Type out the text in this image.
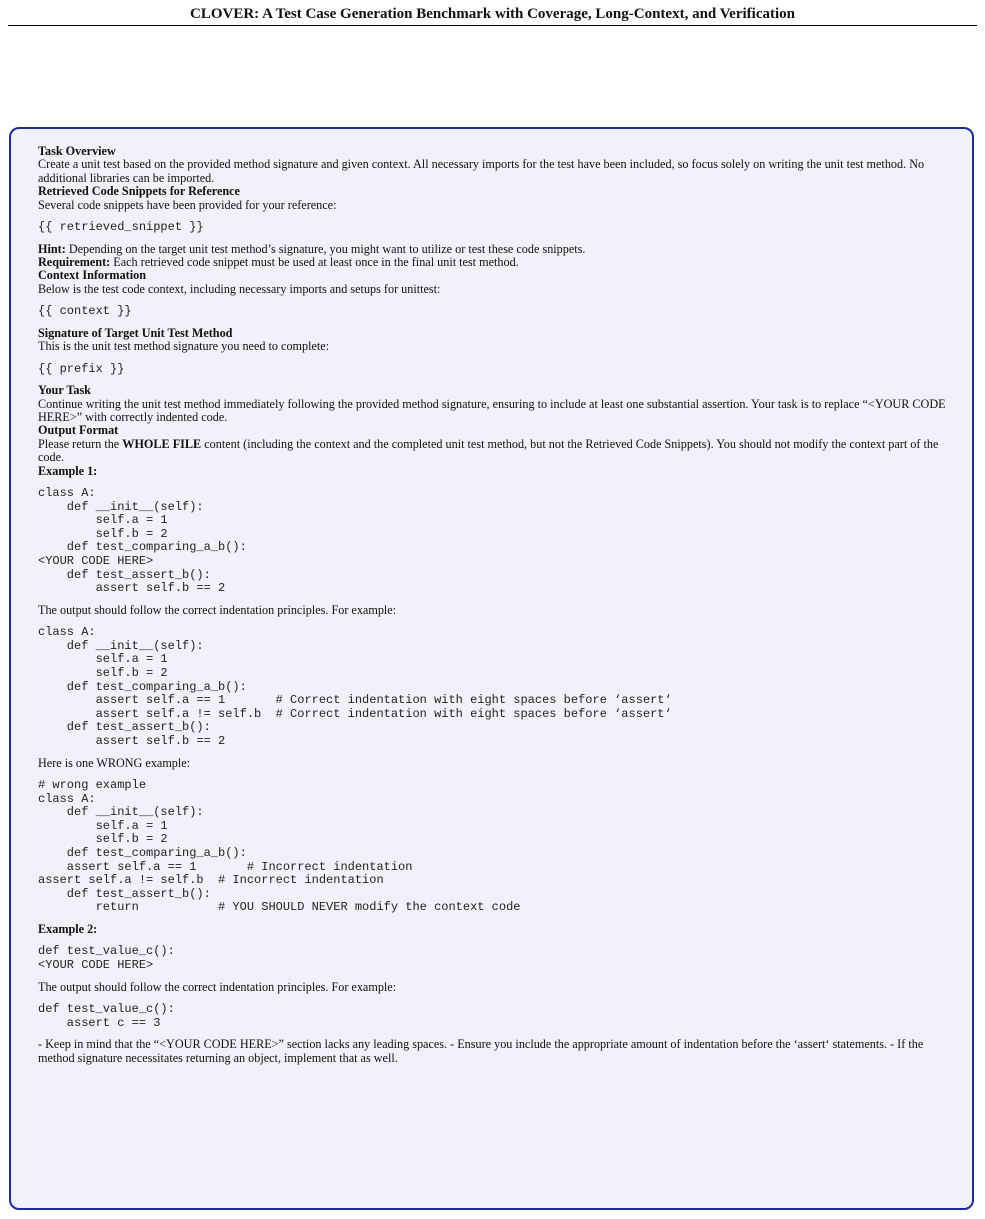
CLOVER: A Test Case Generation Benchmark with Coverage, Long-Context, and Verification

Task Overview

Create a unit test based on the provided method signature and given context. All necessary imports for the test have been included, so focus solely on writing the unit test method. No additional libraries can be imported.

Retrieved Code Snippets for Reference

Several code snippets have been provided for your reference:

{{ retrieved_snippet }}

Hint: Depending on the target unit test method’s signature, you might want to utilize or test these code snippets.

Requirement: Each retrieved code snippet must be used at least once in the final unit test method.

Context Information

Below is the test code context, including necessary imports and setups for unittest:

{{ context }}

Signature of Target Unit Test Method

This is the unit test method signature you need to complete:

{{ prefix }}

Your Task

Continue writing the unit test method immediately following the provided method signature, ensuring to include at least one substantial assertion. Your task is to replace “<YOUR CODE HERE>” with correctly indented code.

Output Format

Please return the WHOLE FILE content (including the context and the completed unit test method, but not the Retrieved Code Snippets). You should not modify the context part of the code.

Example 1:

class A:
def __init__(self):
self.a = 1
self.b = 2
def test_comparing_a_b():
<YOUR CODE HERE>
def test_assert_b():
assert self.b == 2

The output should follow the correct indentation principles. For example:

class A:
def __init__(self):
self.a = 1
self.b = 2
def test_comparing_a_b():
assert self.a == 1       # Correct indentation with eight spaces before ‘assert‘
assert self.a != self.b  # Correct indentation with eight spaces before ‘assert‘
def test_assert_b():
assert self.b == 2

Here is one WRONG example:

# wrong example
class A:
def __init__(self):
self.a = 1
self.b = 2
def test_comparing_a_b():
assert self.a == 1       # Incorrect indentation
assert self.a != self.b  # Incorrect indentation
def test_assert_b():
return           # YOU SHOULD NEVER modify the context code

Example 2:

def test_value_c():
<YOUR CODE HERE>

The output should follow the correct indentation principles. For example:

def test_value_c():
assert c == 3

- Keep in mind that the “<YOUR CODE HERE>” section lacks any leading spaces. - Ensure you include the appropriate amount of indentation before the ‘assert‘ statements. - If the method signature necessitates returning an object, implement that as well.
